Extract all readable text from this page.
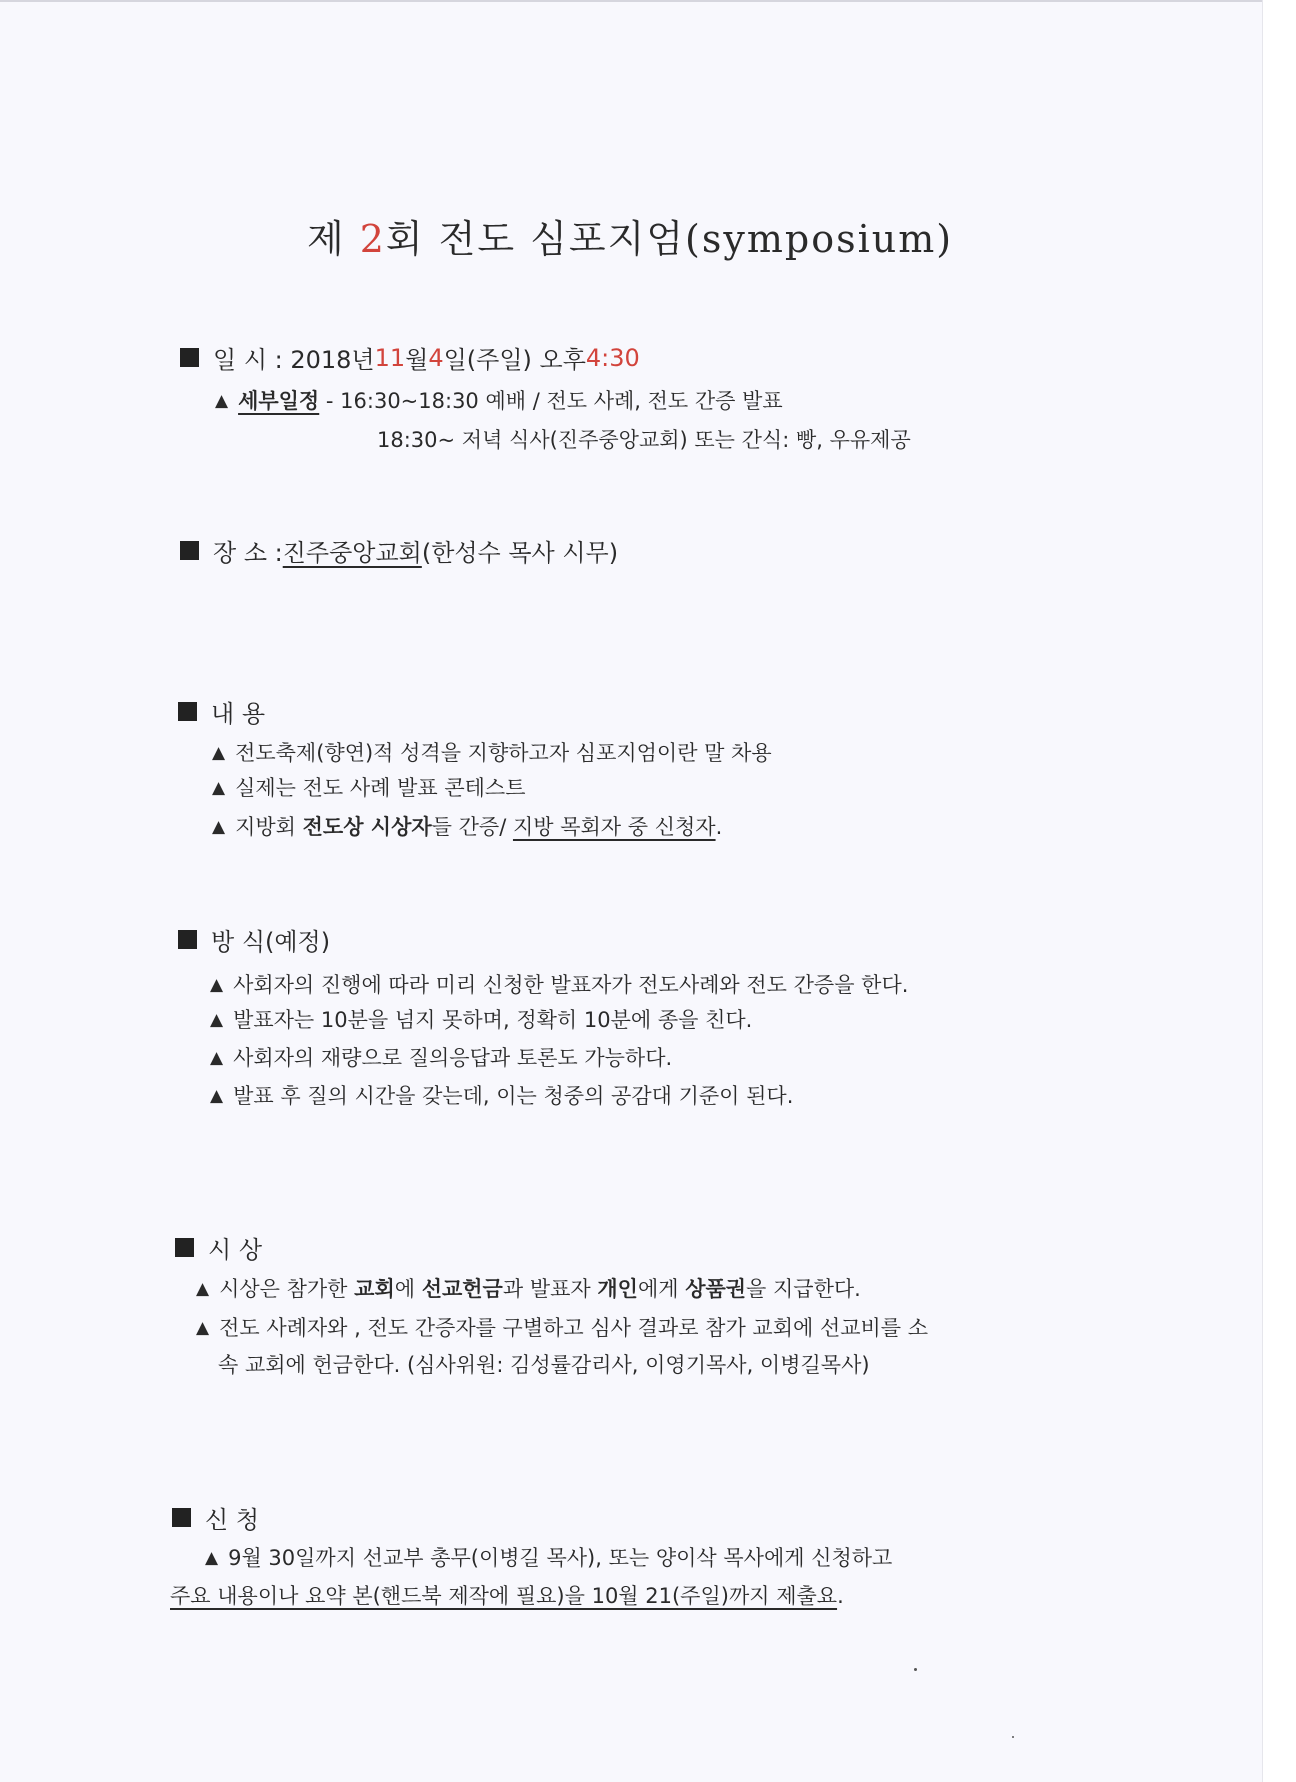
제 2회 전도 심포지엄(symposium)
일 시 : 2018년 11 월 4 일(주일) 오후 4:30
▲ 세부일정 - 16:30~18:30 예배 / 전도 사례, 전도 간증 발표
18:30~ 저녁 식사(진주중앙교회) 또는 간식: 빵, 우유제공
장 소 : 진주중앙교회 (한성수 목사 시무)
내 용
▲ 전도축제(향연)적 성격을 지향하고자 심포지엄이란 말 차용
▲ 실제는 전도 사례 발표 콘테스트
▲ 지방회 전도상 시상자들 간증/ 지방 목회자 중 신청자.
방 식(예정)
▲ 사회자의 진행에 따라 미리 신청한 발표자가 전도사례와 전도 간증을 한다.
▲ 발표자는 10분을 넘지 못하며, 정확히 10분에 종을 친다.
▲ 사회자의 재량으로 질의응답과 토론도 가능하다.
▲ 발표 후 질의 시간을 갖는데, 이는 청중의 공감대 기준이 된다.
시 상
▲ 시상은 참가한 교회에 선교헌금과 발표자 개인에게 상품권을 지급한다.
▲ 전도 사례자와 , 전도 간증자를 구별하고 심사 결과로 참가 교회에 선교비를 소
속 교회에 헌금한다. (심사위원: 김성률감리사, 이영기목사, 이병길목사)
신 청
▲ 9월 30일까지 선교부 총무(이병길 목사), 또는 양이삭 목사에게 신청하고
주요 내용이나 요약 본(핸드북 제작에 필요)을 10월 21(주일)까지 제출요.
